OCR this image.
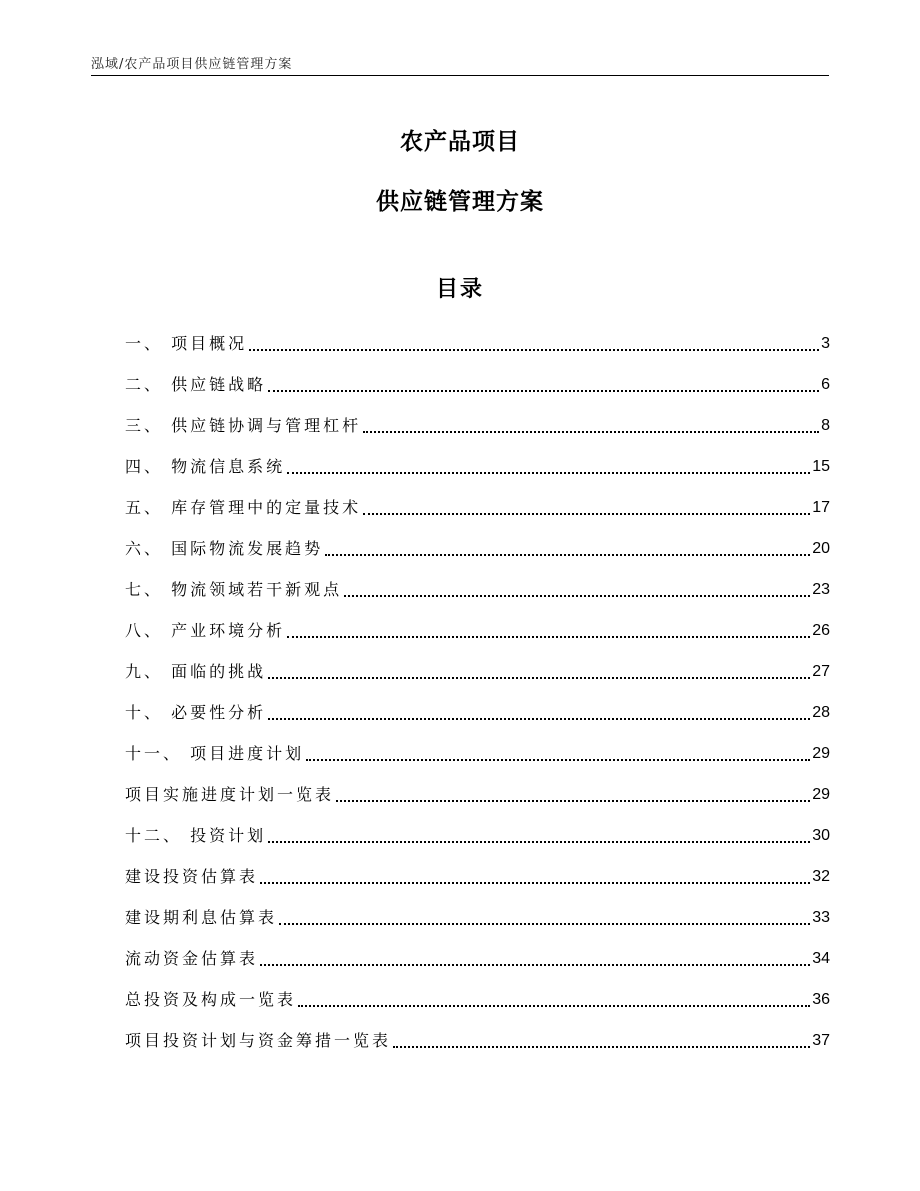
泓域/农产品项目供应链管理方案
农产品项目
供应链管理方案
目录
一、 项目概况	3
二、 供应链战略	6
三、 供应链协调与管理杠杆	8
四、 物流信息系统	15
五、 库存管理中的定量技术	17
六、 国际物流发展趋势	20
七、 物流领域若干新观点	23
八、 产业环境分析	26
九、 面临的挑战	27
十、 必要性分析	28
十一、 项目进度计划	29
项目实施进度计划一览表	29
十二、 投资计划	30
建设投资估算表	32
建设期利息估算表	33
流动资金估算表	34
总投资及构成一览表	36
项目投资计划与资金筹措一览表	37
